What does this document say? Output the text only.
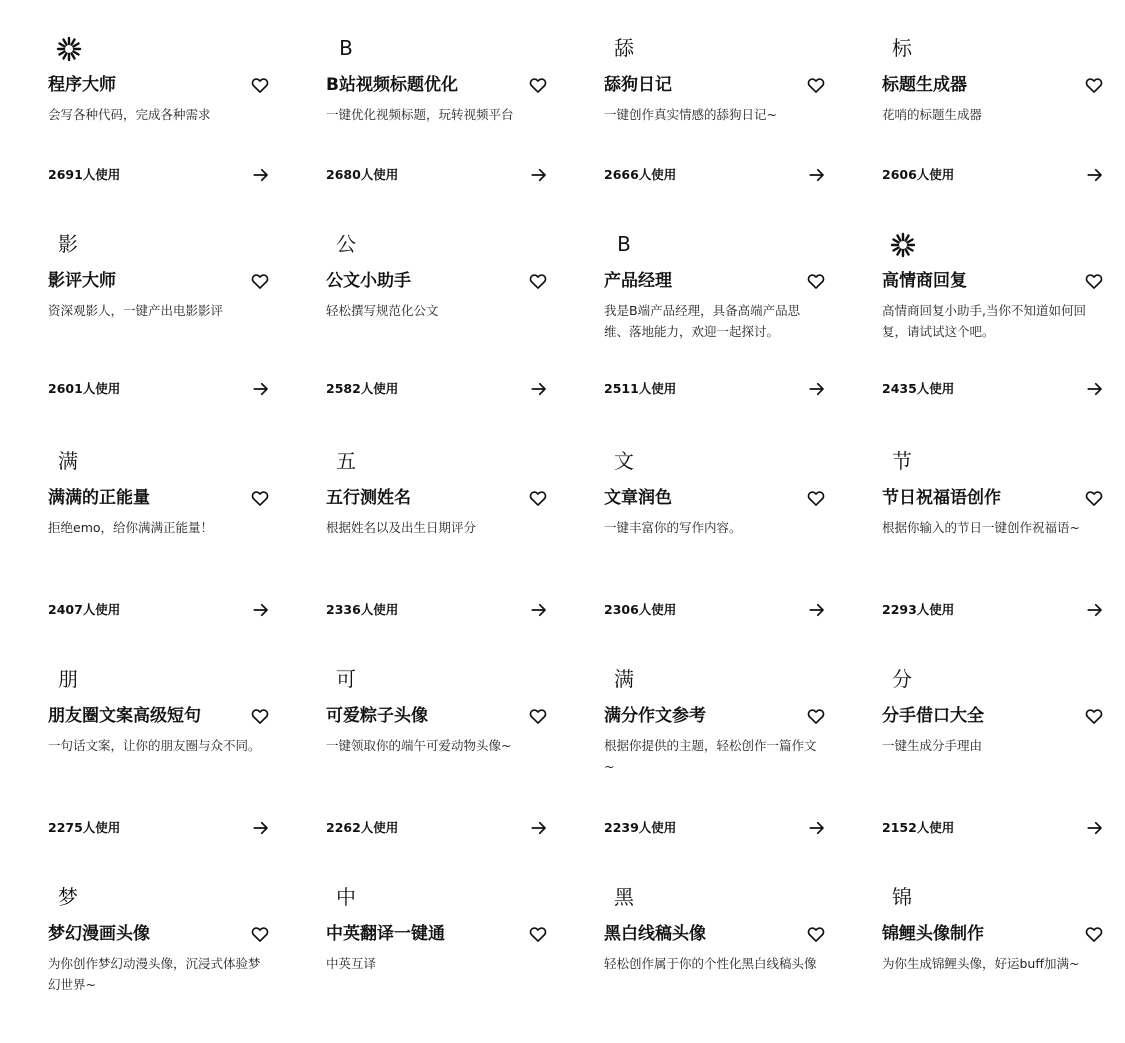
程序大师
会写各种代码，完成各种需求
2691人使用
B
B站视频标题优化
一键优化视频标题，玩转视频平台
2680人使用
舔
舔狗日记
一键创作真实情感的舔狗日记~
2666人使用
标
标题生成器
花哨的标题生成器
2606人使用
影
影评大师
资深观影人，一键产出电影影评
2601人使用
公
公文小助手
轻松撰写规范化公文
2582人使用
B
产品经理
我是B端产品经理，具备高端产品思维、落地能力，欢迎一起探讨。
2511人使用
高情商回复
高情商回复小助手,当你不知道如何回复，请试试这个吧。
2435人使用
满
满满的正能量
拒绝emo，给你满满正能量！
2407人使用
五
五行测姓名
根据姓名以及出生日期评分
2336人使用
文
文章润色
一键丰富你的写作内容。
2306人使用
节
节日祝福语创作
根据你输入的节日一键创作祝福语~
2293人使用
朋
朋友圈文案高级短句
一句话文案，让你的朋友圈与众不同。
2275人使用
可
可爱粽子头像
一键领取你的端午可爱动物头像~
2262人使用
满
满分作文参考
根据你提供的主题，轻松创作一篇作文~
2239人使用
分
分手借口大全
一键生成分手理由
2152人使用
梦
梦幻漫画头像
为你创作梦幻动漫头像，沉浸式体验梦幻世界~
中
中英翻译一键通
中英互译
黑
黑白线稿头像
轻松创作属于你的个性化黑白线稿头像
锦
锦鲤头像制作
为你生成锦鲤头像，好运buff加满~
